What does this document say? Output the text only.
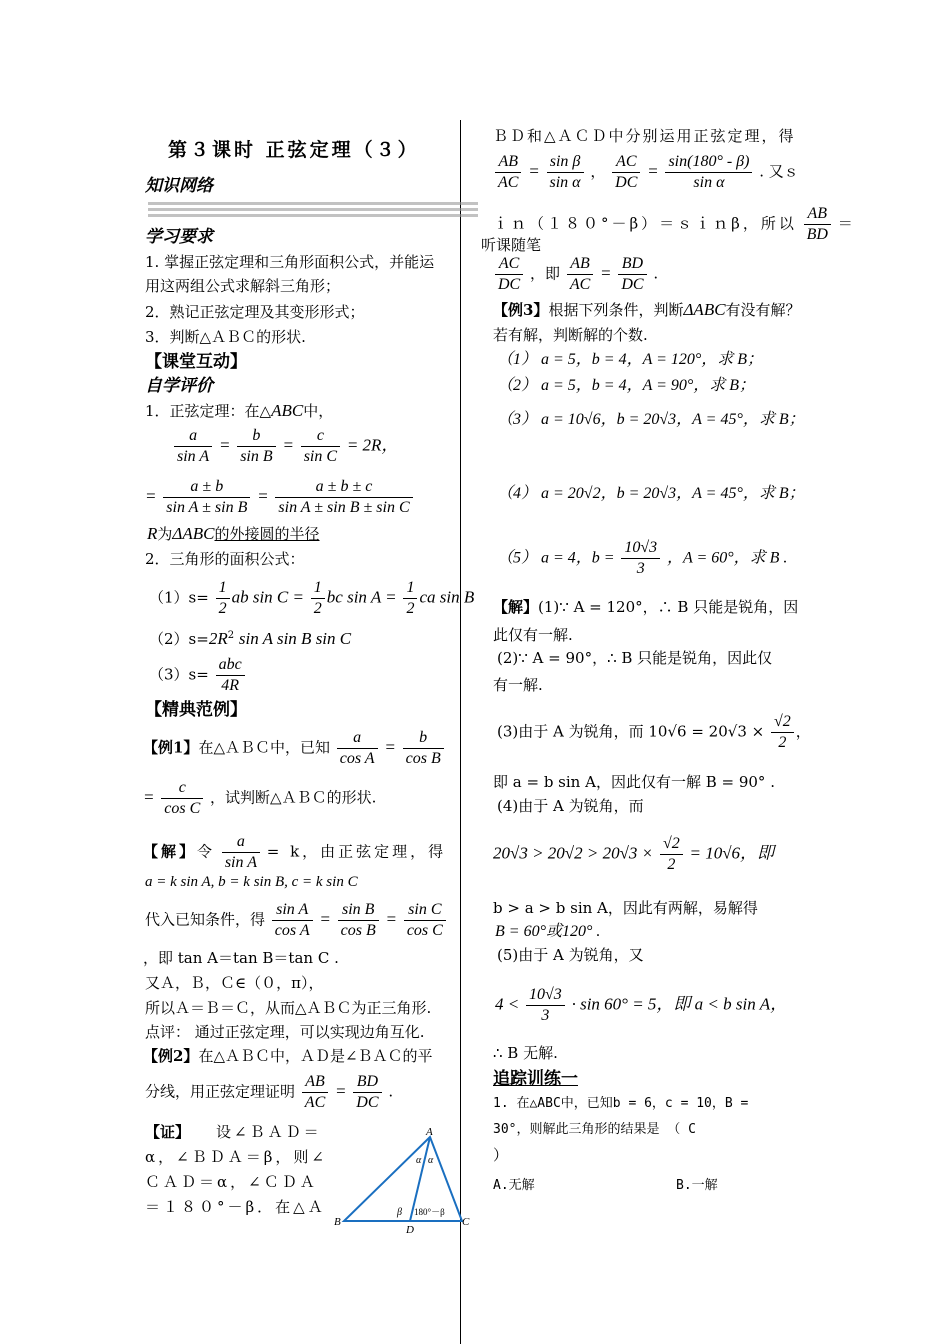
第３课时 正弦定理（３）
知识网络
学习要求
1. 掌握正弦定理和三角形面积公式，并能运
用这两组公式求解斜三角形；
2．熟记正弦定理及其变形形式；
3．判断△ＡＢＣ的形状.
【课堂互动】
自学评价
1．正弦定理：在△ABC中，
$\frac{a}{\text{sin A}} = \frac{b}{\text{sin B}} = \frac{c}{\text{sin C}} = 2R$，
= $\frac{a \pm b}{\text{sin A ± sin B}} = \frac{a \pm b \pm c}{\text{sin A ± sin B ± sin C}}$
R为ΔABC的外接圆的半径
2．三角形的面积公式：
$(1)s= \frac{1}{2}$ ab $\sin C = \frac{1}{2}$ bc $\sin A = \frac{1}{2}$ ca sin B
$(2)s=2R^2$ sin A sin B sin C
$(3)s= \frac{\text{abc}}{4R}$
【精典范例】
【例1】在△ＡＢＣ中，已知 $\frac{a}{\text{cos A}} = \frac{b}{\text{cos B}}$
= $\frac{c}{\text{cos C}}$ ，试判断△ＡＢＣ的形状.
【解】令 $\frac{a}{\text{sin A}} = k$，由正弦定理，得
a = k sin A, b = k sin B, c = k sin C
代入已知条件，得 $\frac{\text{sin A}}{\text{cos A}} = \frac{\text{sin B}}{\text{cos B}} = \frac{\text{sin C}}{\text{cos C}}$
，即 tan A＝tan B＝tan C .
又Ａ，Ｂ，Ｃ∈（０，π），
所以Ａ＝Ｂ＝Ｃ，从而△ＡＢＣ为正三角形.
点评： 通过正弦定理，可以实现边角互化.
【例2】在△ＡＢＣ中，ＡＤ是∠ＢＡＣ的平
分线，用正弦定理证明 $\frac{AB}{AC} = \frac{BD}{DC}$ .
【证】 设∠ＢＡＤ＝
α，∠ＢＤＡ＝β，则∠
ＣＡＤ＝α，∠ＣＤＡ
＝１８０°－β．在△Ａ
A
B	C
D
α α
β 180°－β
ＢＤ和△ＡＣＤ中分别运用正弦定理，得
$\frac{AB}{AC} = \frac{\text{sin β}}{\text{sin α}}$ ， $\frac{AC}{DC} = \frac{\sin(180^\circ - \beta)}{\text{sin α}}$ . 又ｓ
ｉｎ（１８０°－β）＝ｓｉｎβ，所以 $\frac{AB}{BD}$ ＝
听课随笔
$\frac{AC}{DC}$ ，即 $\frac{AB}{AC} = \frac{BD}{DC}$ .
【例3】根据下列条件，判断ΔABC有没有解？
若有解，判断解的个数.
（1） a = 5，b = 4，A = 120°，求 B；
（2） a = 5，b = 4，A = 90°，求 B；
（3） a = 10√6，b = 20√3，A = 45°，求 B；
（4） a = 20√2，b = 20√3，A = 45°，求 B；
（5） a = 4，$b = \frac{10√3}{3}$ ，A = 60°，求 B .
【解】(1)∵ A = 120°，∴ B 只能是锐角，因
此仅有一解.
(2)∵ A = 90°，∴ B 只能是锐角，因此仅
有一解.
(3)由于 A 为锐角，而 $10√6 = 20√3 \times \frac{√2}{2}$ ，
即 a = b sin A，因此仅有一解 B = 90° .
(4)由于 A 为锐角，而
$20√3 > 20√2 > 20√3 \times \frac{√2}{2} = 10√6$，即
b > a > b sin A，因此有两解，易解得
B = 60°或120° .
(5)由于 A 为锐角，又
$4 < \frac{10√3}{3} \cdot \sin 60^\circ = 5$，即 a < b sin A，
∴ B 无解.
追踪训练一
1. 在△ABC中，已知b = 6，c = 10，B =
30°，则解此三角形的结果是 （ C
）
A.无解	B.一解
